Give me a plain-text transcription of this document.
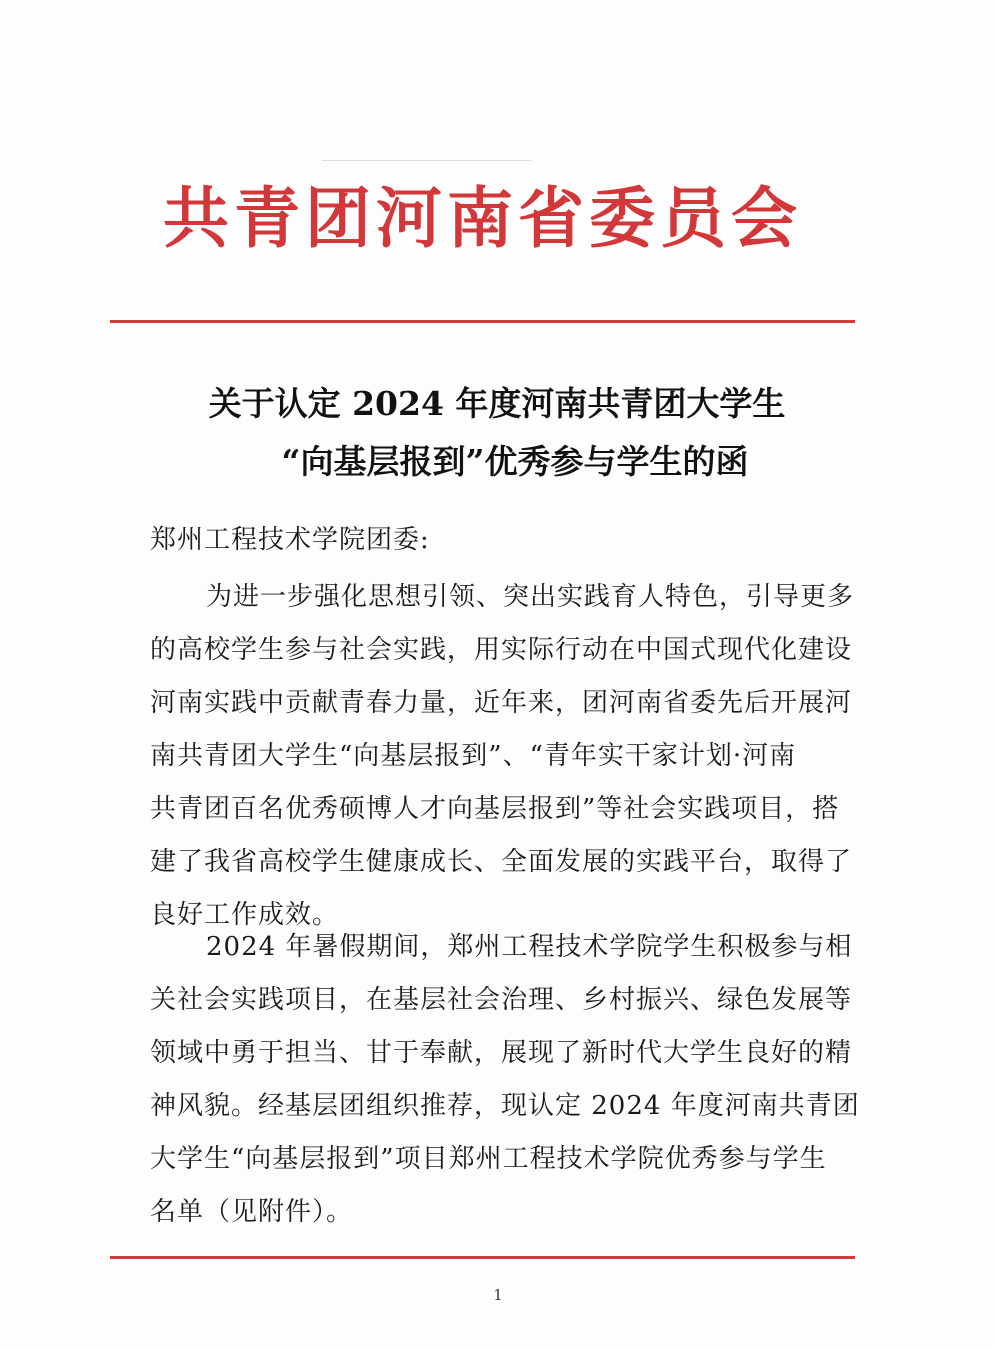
共青团河南省委员会
关于认定 2024 年度河南共青团大学生
“向基层报到”优秀参与学生的函
郑州工程技术学院团委:
为进一步强化思想引领、突出实践育人特色，引导更多
的高校学生参与社会实践，用实际行动在中国式现代化建设
河南实践中贡献青春力量，近年来，团河南省委先后开展河
南共青团大学生“向基层报到”、“青年实干家计划·河南
共青团百名优秀硕博人才向基层报到”等社会实践项目，搭
建了我省高校学生健康成长、全面发展的实践平台，取得了
良好工作成效。
2024 年暑假期间，郑州工程技术学院学生积极参与相
关社会实践项目，在基层社会治理、乡村振兴、绿色发展等
领域中勇于担当、甘于奉献，展现了新时代大学生良好的精
神风貌。经基层团组织推荐，现认定 2024 年度河南共青团
大学生“向基层报到”项目郑州工程技术学院优秀参与学生
名单（见附件）。
1
